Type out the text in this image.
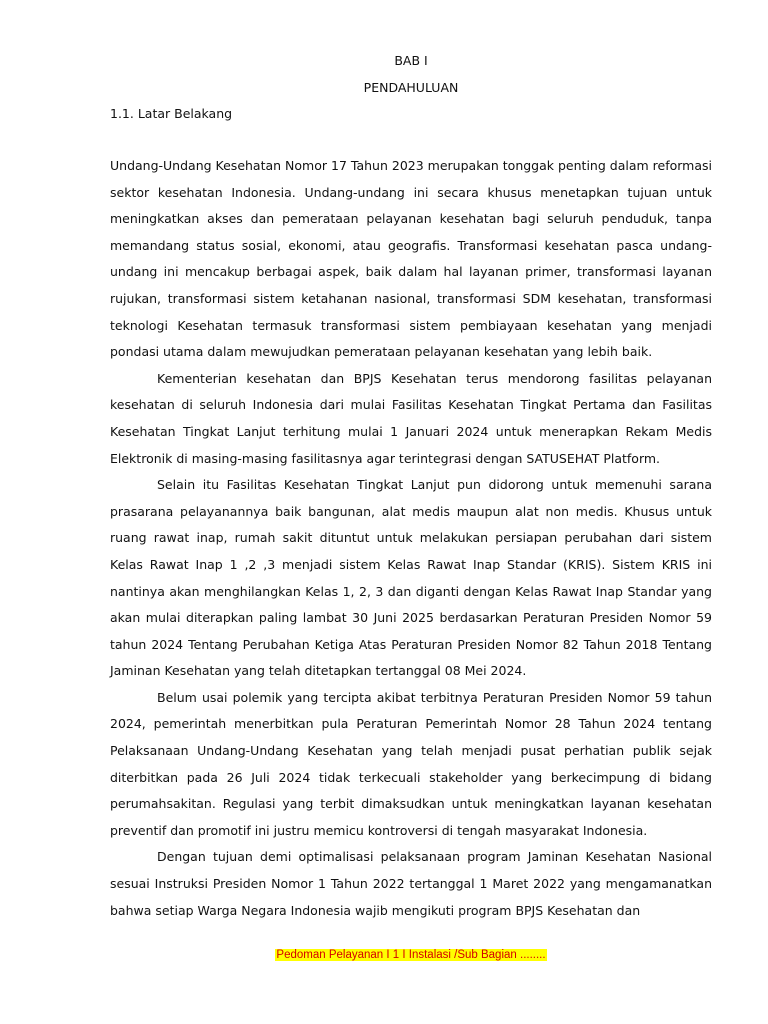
BAB I
PENDAHULUAN
1.1. Latar Belakang

Undang-Undang Kesehatan Nomor 17 Tahun 2023 merupakan tonggak penting dalam reformasi sektor kesehatan Indonesia. Undang-undang ini secara khusus menetapkan tujuan untuk meningkatkan akses dan pemerataan pelayanan kesehatan bagi seluruh penduduk, tanpa memandang status sosial, ekonomi, atau geografis. Transformasi kesehatan pasca undang-undang ini mencakup berbagai aspek, baik dalam hal layanan primer, transformasi layanan rujukan, transformasi sistem ketahanan nasional, transformasi SDM kesehatan, transformasi teknologi Kesehatan termasuk transformasi sistem pembiayaan kesehatan yang menjadi pondasi utama dalam mewujudkan pemerataan pelayanan kesehatan yang lebih baik.

Kementerian kesehatan dan BPJS Kesehatan terus mendorong fasilitas pelayanan kesehatan di seluruh Indonesia dari mulai Fasilitas Kesehatan Tingkat Pertama dan Fasilitas Kesehatan Tingkat Lanjut terhitung mulai 1 Januari 2024 untuk menerapkan Rekam Medis Elektronik di masing-masing fasilitasnya agar terintegrasi dengan SATUSEHAT Platform.

Selain itu Fasilitas Kesehatan Tingkat Lanjut pun didorong untuk memenuhi sarana prasarana pelayanannya baik bangunan, alat medis maupun alat non medis. Khusus untuk ruang rawat inap, rumah sakit dituntut untuk melakukan persiapan perubahan dari sistem Kelas Rawat Inap 1 ,2 ,3 menjadi sistem Kelas Rawat Inap Standar (KRIS). Sistem KRIS ini nantinya akan menghilangkan Kelas 1, 2, 3 dan diganti dengan Kelas Rawat Inap Standar yang akan mulai diterapkan paling lambat 30 Juni 2025 berdasarkan Peraturan Presiden Nomor 59 tahun 2024 Tentang Perubahan Ketiga Atas Peraturan Presiden Nomor 82 Tahun 2018 Tentang Jaminan Kesehatan yang telah ditetapkan tertanggal 08 Mei 2024.

Belum usai polemik yang tercipta akibat terbitnya Peraturan Presiden Nomor 59 tahun 2024, pemerintah menerbitkan pula Peraturan Pemerintah Nomor 28 Tahun 2024 tentang Pelaksanaan Undang-Undang Kesehatan yang telah menjadi pusat perhatian publik sejak diterbitkan pada 26 Juli 2024 tidak terkecuali stakeholder yang berkecimpung di bidang perumahsakitan. Regulasi yang terbit dimaksudkan untuk meningkatkan layanan kesehatan preventif dan promotif ini justru memicu kontroversi di tengah masyarakat Indonesia.

Dengan tujuan demi optimalisasi pelaksanaan program Jaminan Kesehatan Nasional sesuai Instruksi Presiden Nomor 1 Tahun 2022 tertanggal 1 Maret 2022 yang mengamanatkan bahwa setiap Warga Negara Indonesia wajib mengikuti program BPJS Kesehatan dan

Pedoman Pelayanan I 1 I Instalasi /Sub Bagian ........
